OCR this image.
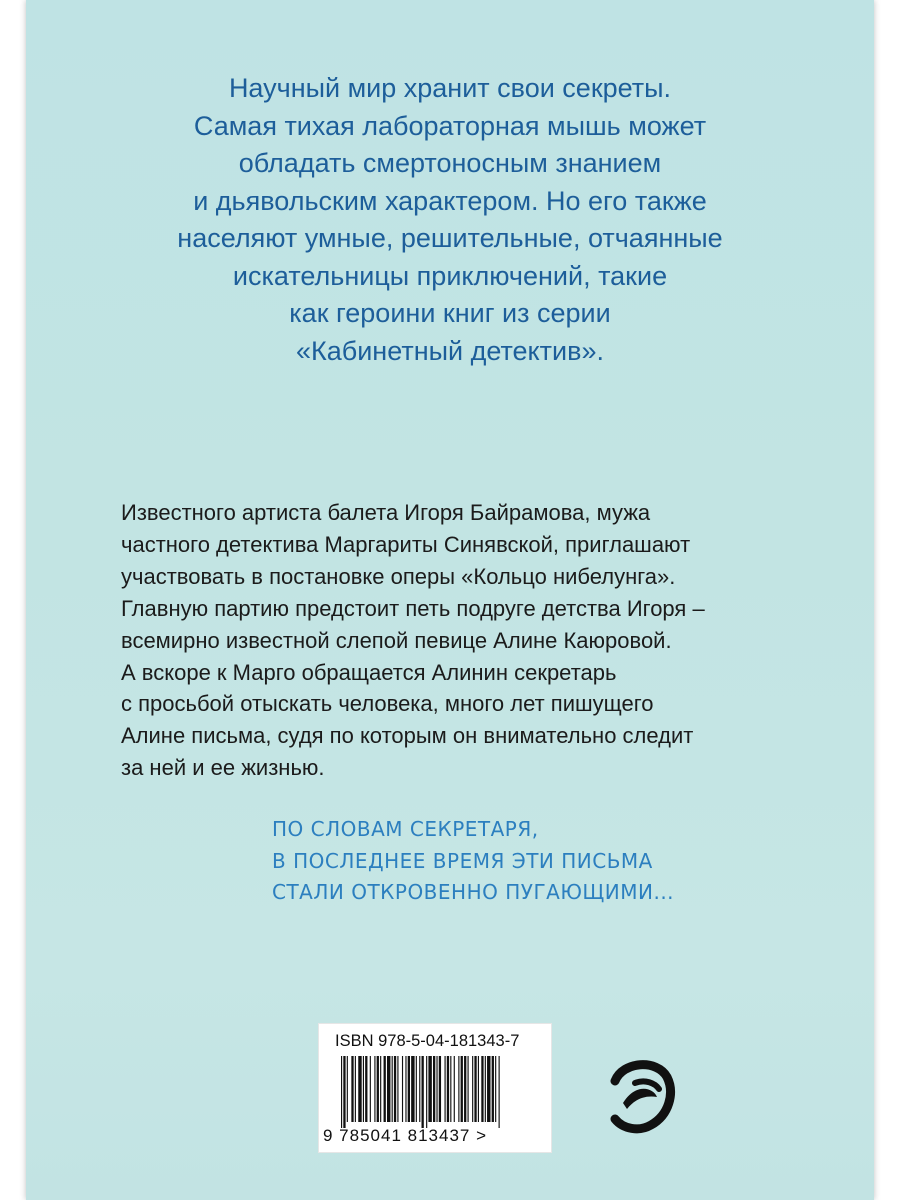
Научный мир хранит свои секреты.
Самая тихая лабораторная мышь может
обладать смертоносным знанием
и дьявольским характером. Но его также
населяют умные, решительные, отчаянные
искательницы приключений, такие
как героини книг из серии
«Кабинетный детектив».
Известного артиста балета Игоря Байрамова, мужа
частного детектива Маргариты Синявской, приглашают
участвовать в постановке оперы «Кольцо нибелунга».
Главную партию предстоит петь подруге детства Игоря –
всемирно известной слепой певице Алине Каюровой.
А вскоре к Марго обращается Алинин секретарь
с просьбой отыскать человека, много лет пишущего
Алине письма, судя по которым он внимательно следит
за ней и ее жизнью.
ПО СЛОВАМ СЕКРЕТАРЯ,
В ПОСЛЕДНЕЕ ВРЕМЯ ЭТИ ПИСЬМА
СТАЛИ ОТКРОВЕННО ПУГАЮЩИМИ...
ISBN 978-5-04-181343-7
9 785041 813437 >
